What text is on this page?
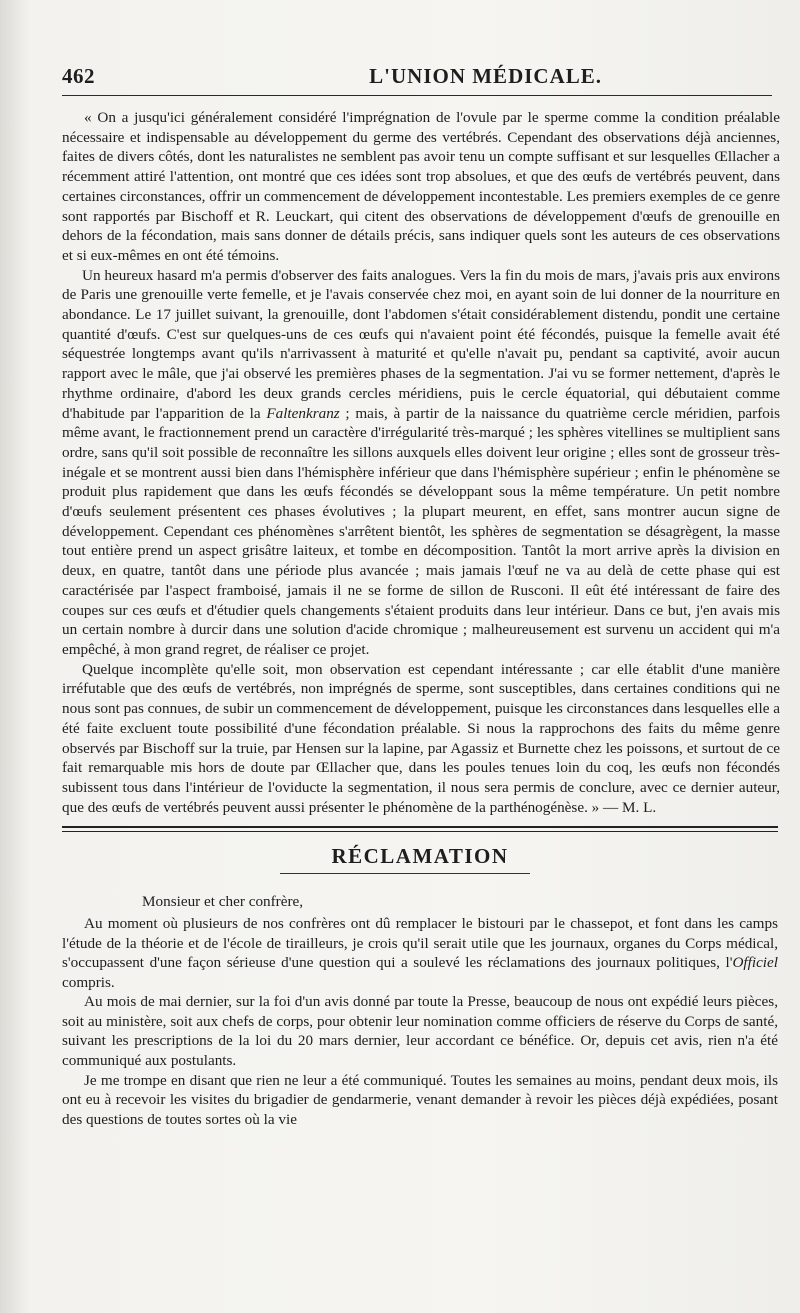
462	L'UNION MÉDICALE.

« On a jusqu'ici généralement considéré l'imprégnation de l'ovule par le sperme comme la condition préalable nécessaire et indispensable au développement du germe des vertébrés. Cependant des observations déjà anciennes, faites de divers côtés, dont les naturalistes ne semblent pas avoir tenu un compte suffisant et sur lesquelles Œllacher a récemment attiré l'attention, ont montré que ces idées sont trop absolues, et que des œufs de vertébrés peuvent, dans certaines circonstances, offrir un commencement de développement incontestable. Les premiers exemples de ce genre sont rapportés par Bischoff et R. Leuckart, qui citent des observations de développement d'œufs de grenouille en dehors de la fécondation, mais sans donner de détails précis, sans indiquer quels sont les auteurs de ces observations et si eux-mêmes en ont été témoins.

Un heureux hasard m'a permis d'observer des faits analogues. Vers la fin du mois de mars, j'avais pris aux environs de Paris une grenouille verte femelle, et je l'avais conservée chez moi, en ayant soin de lui donner de la nourriture en abondance. Le 17 juillet suivant, la grenouille, dont l'abdomen s'était considérablement distendu, pondit une certaine quantité d'œufs. C'est sur quelques-uns de ces œufs qui n'avaient point été fécondés, puisque la femelle avait été séquestrée longtemps avant qu'ils n'arrivassent à maturité et qu'elle n'avait pu, pendant sa captivité, avoir aucun rapport avec le mâle, que j'ai observé les premières phases de la segmentation. J'ai vu se former nettement, d'après le rhythme ordinaire, d'abord les deux grands cercles méridiens, puis le cercle équatorial, qui débutaient comme d'habitude par l'apparition de la Faltenkranz ; mais, à partir de la naissance du quatrième cercle méridien, parfois même avant, le fractionnement prend un caractère d'irrégularité très-marqué ; les sphères vitellines se multiplient sans ordre, sans qu'il soit possible de reconnaître les sillons auxquels elles doivent leur origine ; elles sont de grosseur très-inégale et se montrent aussi bien dans l'hémisphère inférieur que dans l'hémisphère supérieur ; enfin le phénomène se produit plus rapidement que dans les œufs fécondés se développant sous la même température. Un petit nombre d'œufs seulement présentent ces phases évolutives ; la plupart meurent, en effet, sans montrer aucun signe de développement. Cependant ces phénomènes s'arrêtent bientôt, les sphères de segmentation se désagrègent, la masse tout entière prend un aspect grisâtre laiteux, et tombe en décomposition. Tantôt la mort arrive après la division en deux, en quatre, tantôt dans une période plus avancée ; mais jamais l'œuf ne va au delà de cette phase qui est caractérisée par l'aspect framboisé, jamais il ne se forme de sillon de Rusconi. Il eût été intéressant de faire des coupes sur ces œufs et d'étudier quels changements s'étaient produits dans leur intérieur. Dans ce but, j'en avais mis un certain nombre à durcir dans une solution d'acide chromique ; malheureusement est survenu un accident qui m'a empêché, à mon grand regret, de réaliser ce projet.

Quelque incomplète qu'elle soit, mon observation est cependant intéressante ; car elle établit d'une manière irréfutable que des œufs de vertébrés, non imprégnés de sperme, sont susceptibles, dans certaines conditions qui ne nous sont pas connues, de subir un commencement de développement, puisque les circonstances dans lesquelles elle a été faite excluent toute possibilité d'une fécondation préalable. Si nous la rapprochons des faits du même genre observés par Bischoff sur la truie, par Hensen sur la lapine, par Agassiz et Burnette chez les poissons, et surtout de ce fait remarquable mis hors de doute par Œllacher que, dans les poules tenues loin du coq, les œufs non fécondés subissent tous dans l'intérieur de l'oviducte la segmentation, il nous sera permis de conclure, avec ce dernier auteur, que des œufs de vertébrés peuvent aussi présenter le phénomène de la parthénogénèse. » — M. L.

RÉCLAMATION

Monsieur et cher confrère,

Au moment où plusieurs de nos confrères ont dû remplacer le bistouri par le chassepot, et font dans les camps l'étude de la théorie et de l'école de tirailleurs, je crois qu'il serait utile que les journaux, organes du Corps médical, s'occupassent d'une façon sérieuse d'une question qui a soulevé les réclamations des journaux politiques, l'Officiel compris.

Au mois de mai dernier, sur la foi d'un avis donné par toute la Presse, beaucoup de nous ont expédié leurs pièces, soit au ministère, soit aux chefs de corps, pour obtenir leur nomination comme officiers de réserve du Corps de santé, suivant les prescriptions de la loi du 20 mars dernier, leur accordant ce bénéfice. Or, depuis cet avis, rien n'a été communiqué aux postulants.

Je me trompe en disant que rien ne leur a été communiqué. Toutes les semaines au moins, pendant deux mois, ils ont eu à recevoir les visites du brigadier de gendarmerie, venant demander à revoir les pièces déjà expédiées, posant des questions de toutes sortes où la vie
